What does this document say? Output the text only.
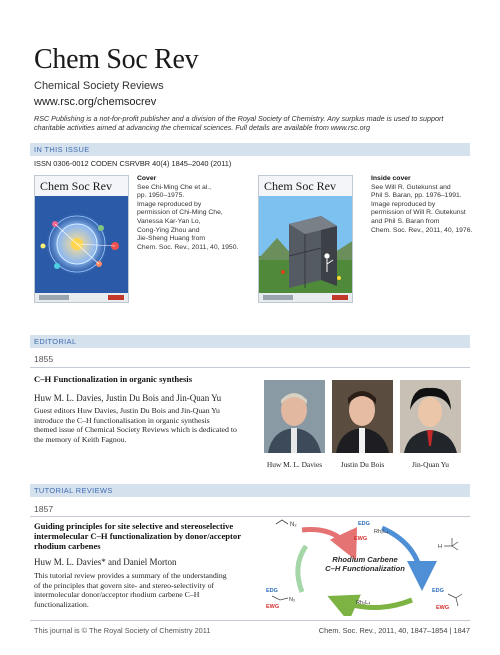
Chem Soc Rev
Chemical Society Reviews
www.rsc.org/chemsocrev
RSC Publishing is a not-for-profit publisher and a division of the Royal Society of Chemistry. Any surplus made is used to support charitable activities aimed at advancing the chemical sciences. Full details are available from www.rsc.org
IN THIS ISSUE
ISSN 0306-0012 CODEN CSRVBR 40(4) 1845–2040 (2011)
Chem Soc Rev
Cover
See Chi-Ming Che et al.,
pp. 1950–1975.
Image reproduced by
permission of Chi-Ming Che,
Vanessa Kar-Yan Lo,
Cong-Ying Zhou and
Jie-Sheng Huang from
Chem. Soc. Rev., 2011, 40, 1950.
Chem Soc Rev
Inside cover
See Will R. Gutekunst and
Phil S. Baran, pp. 1976–1991.
Image reproduced by
permission of Will R. Gutekunst
and Phil S. Baran from
Chem. Soc. Rev., 2011, 40, 1976.
EDITORIAL
1855
C–H Functionalization in organic synthesis
Huw M. L. Davies, Justin Du Bois and Jin-Quan Yu
Guest editors Huw Davies, Justin Du Bois and Jin-Quan Yu
introduce the C–H functionalisation in organic synthesis
themed issue of Chemical Society Reviews which is dedicated to
the memory of Keith Fagnou.
Huw M. L. Davies	Justin Du Bois	Jin-Quan Yu
TUTORIAL REVIEWS
1857
Guiding principles for site selective and stereoselective
intermolecular C–H functionalization by donor/acceptor
rhodium carbenes
Huw M. L. Davies* and Daniel Morton
This tutorial review provides a summary of the understanding
of the principles that govern site- and stereo-selectivity of
intermolecular donor/acceptor rhodium carbene C–H
functionalization.
N₂	EDG
Rh₂L₄
EWG
Rhodium Carbene
C–H Functionalization
H
EDG
N₂
EWG
Rh₂L₄
EDG
EWG
This journal is © The Royal Society of Chemistry 2011	Chem. Soc. Rev., 2011, 40, 1847–1854 | 1847
